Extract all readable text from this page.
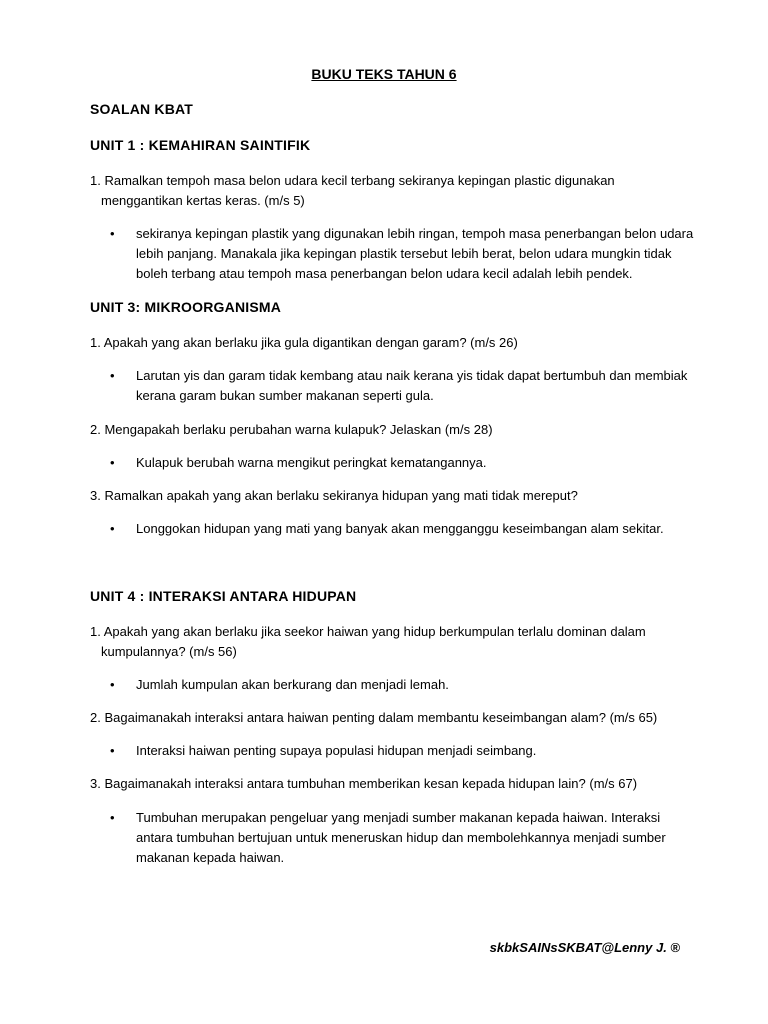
BUKU TEKS TAHUN 6
SOALAN KBAT
UNIT 1 : KEMAHIRAN SAINTIFIK
1. Ramalkan tempoh masa belon udara kecil terbang sekiranya kepingan plastic digunakan
menggantikan kertas keras. (m/s 5)
• sekiranya kepingan plastik yang digunakan lebih ringan, tempoh masa penerbangan belon udara lebih panjang. Manakala jika kepingan plastik tersebut lebih berat, belon udara mungkin tidak boleh terbang atau tempoh masa penerbangan belon udara kecil adalah lebih pendek.
UNIT 3: MIKROORGANISMA
1. Apakah yang akan berlaku jika gula digantikan dengan garam? (m/s 26)
• Larutan yis dan garam tidak kembang atau naik kerana yis tidak dapat bertumbuh dan membiak kerana garam bukan sumber makanan seperti gula.
2. Mengapakah berlaku perubahan warna kulapuk? Jelaskan (m/s 28)
• Kulapuk berubah warna mengikut peringkat kematangannya.
3. Ramalkan apakah yang akan berlaku sekiranya hidupan yang mati tidak mereput?
• Longgokan hidupan yang mati yang banyak akan mengganggu keseimbangan alam sekitar.
UNIT 4 : INTERAKSI ANTARA HIDUPAN
1. Apakah yang akan berlaku jika seekor haiwan yang hidup berkumpulan terlalu dominan dalam
kumpulannya? (m/s 56)
• Jumlah kumpulan akan berkurang dan menjadi lemah.
2. Bagaimanakah interaksi antara haiwan penting dalam membantu keseimbangan alam? (m/s 65)
• Interaksi haiwan penting supaya populasi hidupan menjadi seimbang.
3. Bagaimanakah interaksi antara tumbuhan memberikan kesan kepada hidupan lain? (m/s 67)
• Tumbuhan merupakan pengeluar yang menjadi sumber makanan kepada haiwan. Interaksi antara tumbuhan bertujuan untuk meneruskan hidup dan membolehkannya menjadi sumber makanan kepada haiwan.
skbkSAINsSKBAT@Lenny J. ®
